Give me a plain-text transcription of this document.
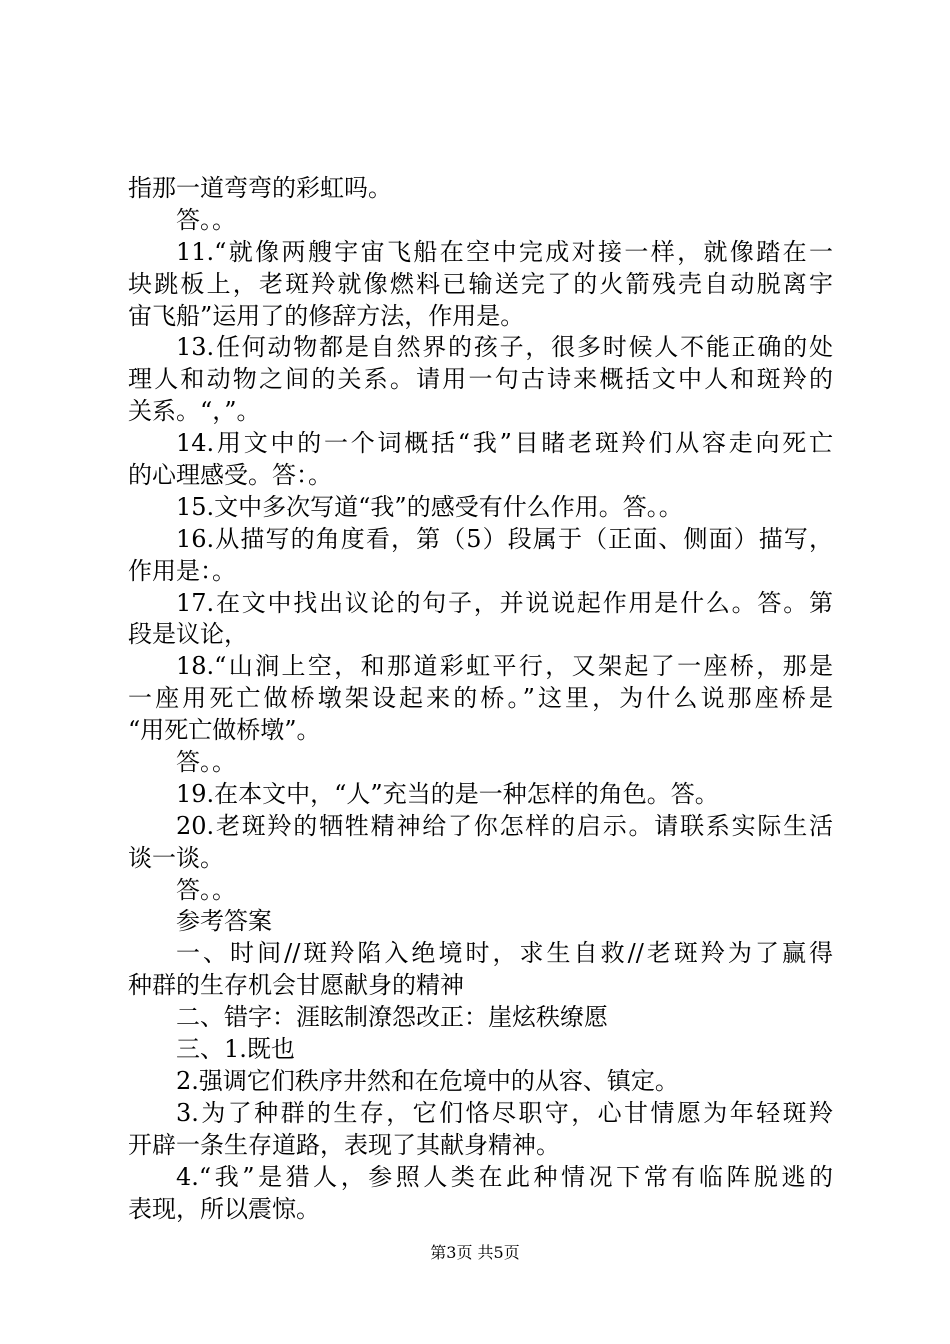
指那一道弯弯的彩虹吗。
答。。
11.“就像两艘宇宙飞船在空中完成对接一样，就像踏在一
块跳板上，老斑羚就像燃料已输送完了的火箭残壳自动脱离宇
宙飞船”运用了的修辞方法，作用是。
13.任何动物都是自然界的孩子，很多时候人不能正确的处
理人和动物之间的关系。请用一句古诗来概括文中人和斑羚的
关系。“，”。
14.用文中的一个词概括“我”目睹老斑羚们从容走向死亡
的心理感受。答：。
15.文中多次写道“我”的感受有什么作用。答。。
16.从描写的角度看，第（5）段属于（正面、侧面）描写，
作用是：。
17.在文中找出议论的句子，并说说起作用是什么。答。第
段是议论，
18.“山涧上空，和那道彩虹平行，又架起了一座桥，那是
一座用死亡做桥墩架设起来的桥。”这里，为什么说那座桥是
“用死亡做桥墩”。
答。。
19.在本文中，“人”充当的是一种怎样的角色。答。
20.老斑羚的牺牲精神给了你怎样的启示。请联系实际生活
谈一谈。
答。。
参考答案
一、时间//斑羚陷入绝境时，求生自救//老斑羚为了赢得
种群的生存机会甘愿献身的精神
二、错字：涯眩制潦怨改正：崖炫秩缭愿
三、1.既也
2.强调它们秩序井然和在危境中的从容、镇定。
3.为了种群的生存，它们恪尽职守，心甘情愿为年轻斑羚
开辟一条生存道路，表现了其献身精神。
4.“我”是猎人，参照人类在此种情况下常有临阵脱逃的
表现，所以震惊。
第3页 共5页
